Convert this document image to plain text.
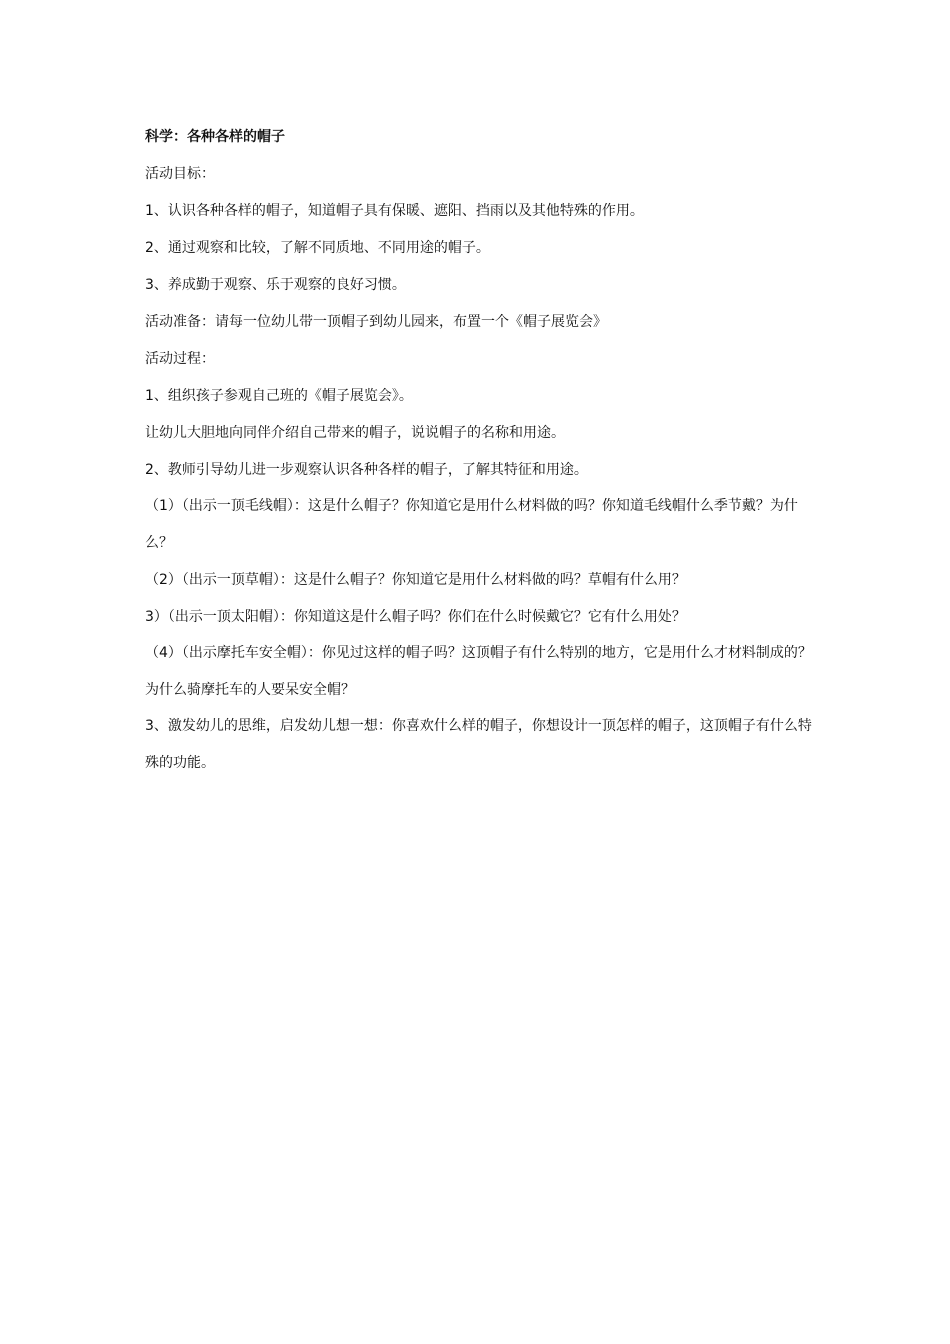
科学：各种各样的帽子
活动目标：
1、认识各种各样的帽子，知道帽子具有保暖、遮阳、挡雨以及其他特殊的作用。
2、通过观察和比较，了解不同质地、不同用途的帽子。
3、养成勤于观察、乐于观察的良好习惯。
活动准备：请每一位幼儿带一顶帽子到幼儿园来，布置一个《帽子展览会》
活动过程：
1、组织孩子参观自己班的《帽子展览会》。
让幼儿大胆地向同伴介绍自己带来的帽子，说说帽子的名称和用途。
2、教师引导幼儿进一步观察认识各种各样的帽子，了解其特征和用途。
（1）（出示一顶毛线帽）：这是什么帽子？你知道它是用什么材料做的吗？你知道毛线帽什么季节戴？为什么？
（2）（出示一顶草帽）：这是什么帽子？你知道它是用什么材料做的吗？草帽有什么用？
3）（出示一顶太阳帽）：你知道这是什么帽子吗？你们在什么时候戴它？它有什么用处？
（4）（出示摩托车安全帽）：你见过这样的帽子吗？这顶帽子有什么特别的地方，它是用什么才材料制成的？为什么骑摩托车的人要呆安全帽？
3、激发幼儿的思维，启发幼儿想一想：你喜欢什么样的帽子，你想设计一顶怎样的帽子，这顶帽子有什么特殊的功能。
